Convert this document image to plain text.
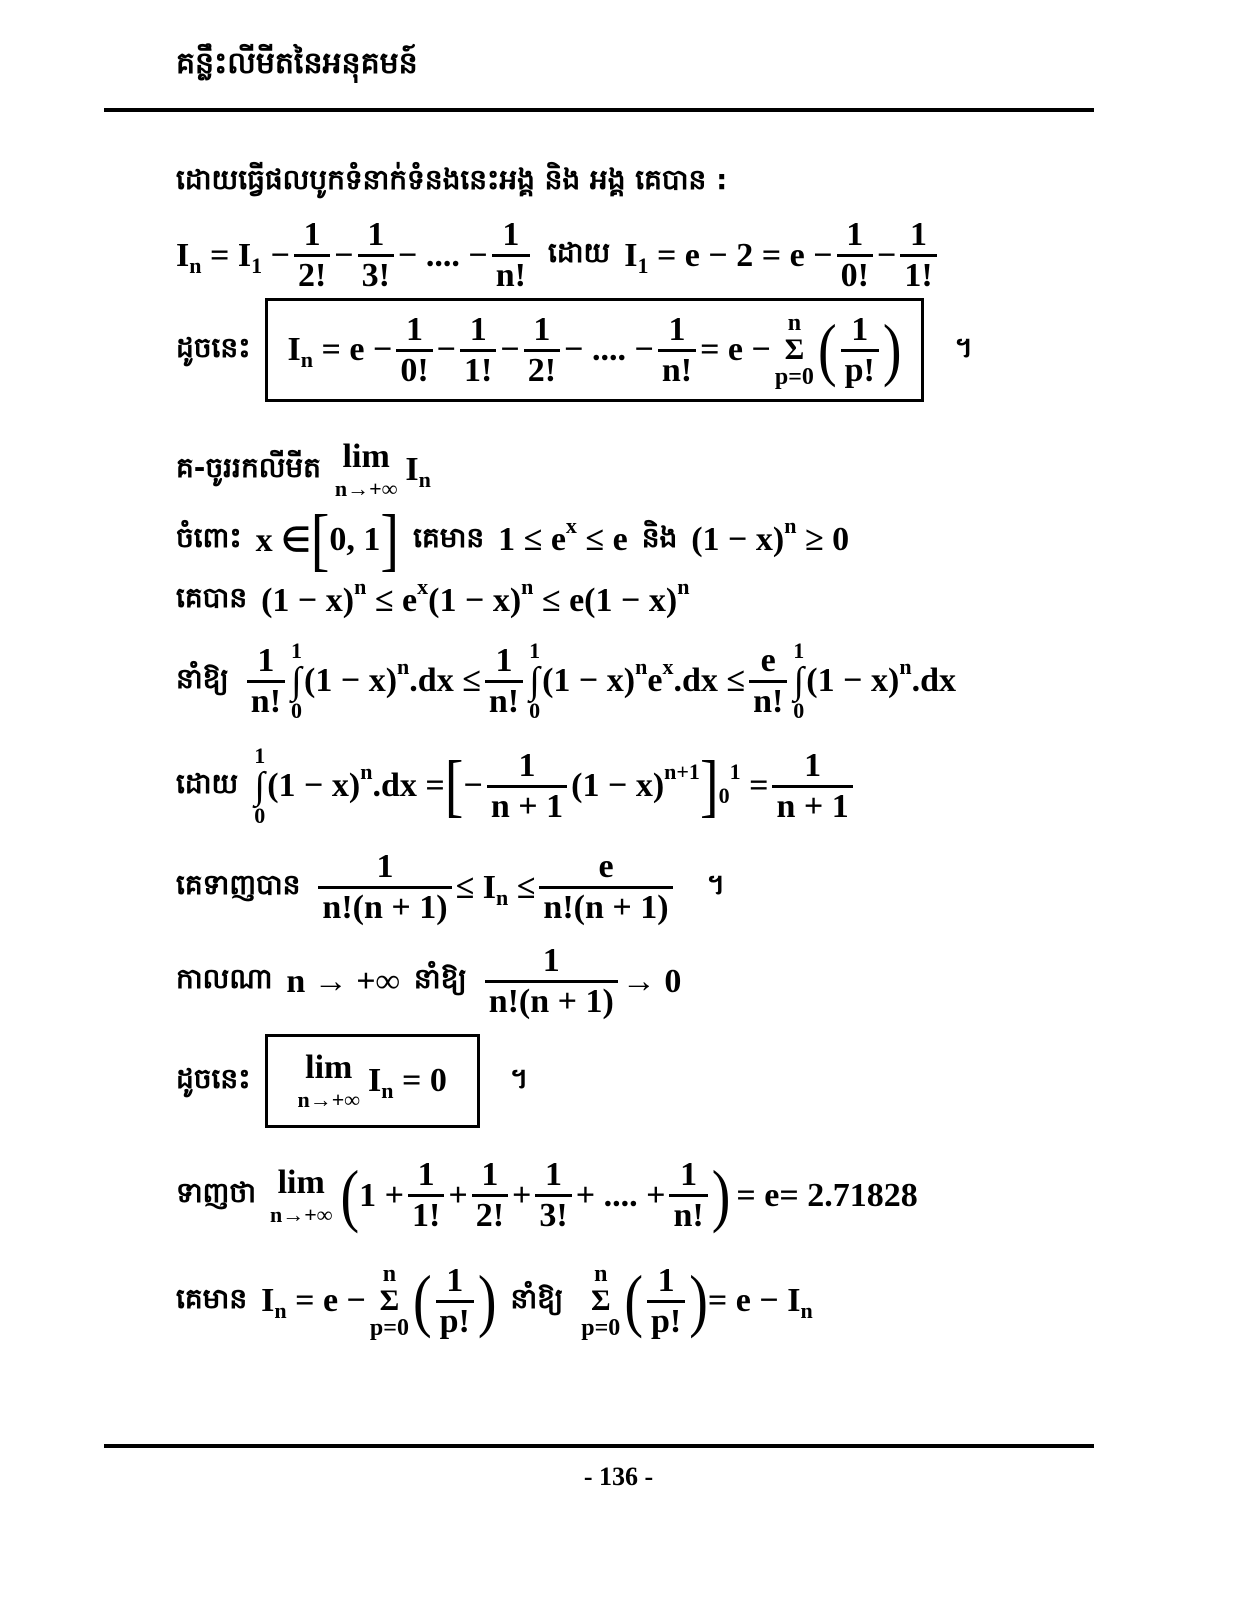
គន្លឹះលីមីតនៃអនុគមន៍
ដោយធ្វើផលបូកទំនាក់ទំនងនេះអង្គ និង អង្គ គេបាន :
I n = I $1 - \frac{1}{2!} - \frac{1}{3!}$ − .... − $\frac{1}{n!}$ ដោយ I $1 = e - 2 = e - \frac{1}{0!} - \frac{1}{1!}$
ដូចនេះ I $n = e - \frac{1}{0!} - \frac{1}{1!} - \frac{1}{2!}$ − .... − $\frac{1}{n!} = e$ −
n
Σ
p=0 ( $\frac{1}{p!}$ ) ។
គ-ចូររកលីមីត lim
n→+∞
I n
ចំពោះ x ∈ [ 0, 1 ] គេមាន 1 ≤ e x ≤ e និង (1 − x) n ≥ 0
គេបាន (1 − x) n ≤ e x (1 − x) n ≤ e(1 − x) n
នាំឱ្យ $\frac{1}{n!} 1$
∫
0
(1 − x) n $.dx \le \frac{1}{n!} 1$
∫
0
(1 − x) n e x $.dx \le \frac{e}{n!} 1$
∫
0
(1 − x) n .dx
ដោយ
1
∫
0
(1 − x) n .dx = [ − $\frac{1}{n + 1} (1 - x)$ n+1 ] 0
$1 = \frac{1}{n + 1}$
គេទាញបាន $\frac{1}{n!(n + 1)} \le I$ $n \le \frac{e}{n!(n + 1)}$ ។
កាលណា n → +∞ នាំឱ្យ $\frac{1}{n!(n + 1)} \to 0$
ដូចនេះ lim
n→+∞
I n = 0 ។
ទាញថា lim
n→+∞ ( $1 + \frac{1}{1!} + \frac{1}{2!} + \frac{1}{3!}$ + .... + $\frac{1}{n!}$ ) = e= 2.71828
គេមាន I n = e −
n
Σ
p=0 ( $\frac{1}{p!}$ ) នាំឱ្យ
n
Σ
p=0 ( $\frac{1}{p!}$ ) = e − I n
- 136 -
